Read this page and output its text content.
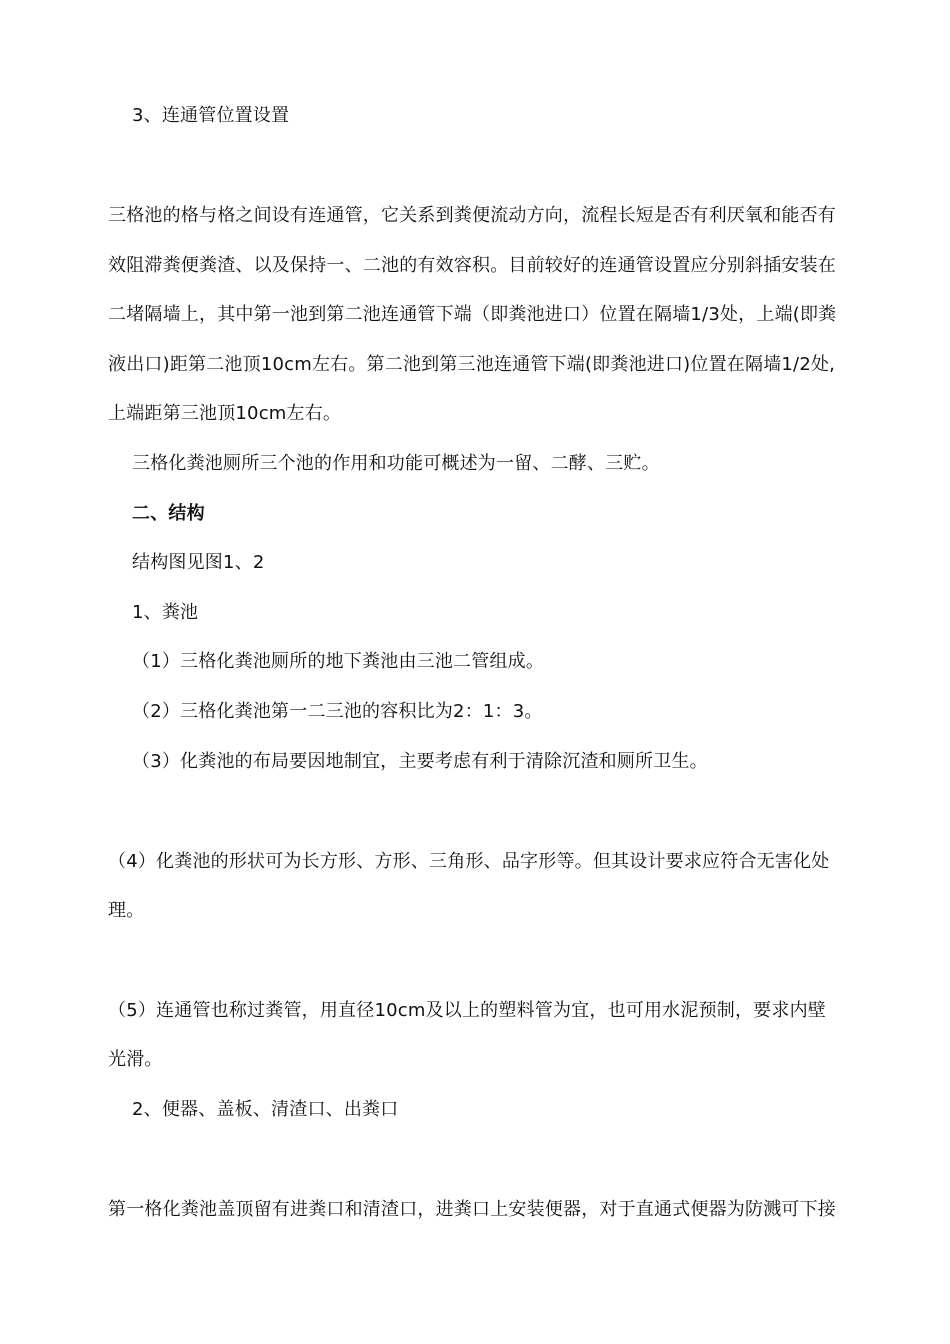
3、连通管位置设置
三格池的格与格之间设有连通管，它关系到粪便流动方向，流程长短是否有利厌氧和能否有
效阻滞粪便粪渣、以及保持一、二池的有效容积。目前较好的连通管设置应分别斜插安装在
二堵隔墙上，其中第一池到第二池连通管下端（即粪池进口）位置在隔墙1/3处，上端(即粪
液出口)距第二池顶10cm左右。第二池到第三池连通管下端(即粪池进口)位置在隔墙1/2处,
上端距第三池顶10cm左右。
三格化粪池厕所三个池的作用和功能可概述为一留、二酵、三贮。
二、结构
结构图见图1、2
1、粪池
（1）三格化粪池厕所的地下粪池由三池二管组成。
（2）三格化粪池第一二三池的容积比为2：1：3。
（3）化粪池的布局要因地制宜，主要考虑有利于清除沉渣和厕所卫生。
（4）化粪池的形状可为长方形、方形、三角形、品字形等。但其设计要求应符合无害化处
理。
（5）连通管也称过粪管，用直径10cm及以上的塑料管为宜，也可用水泥预制，要求内壁
光滑。
2、便器、盖板、清渣口、出粪口
第一格化粪池盖顶留有进粪口和清渣口，进粪口上安装便器，对于直通式便器为防溅可下接
